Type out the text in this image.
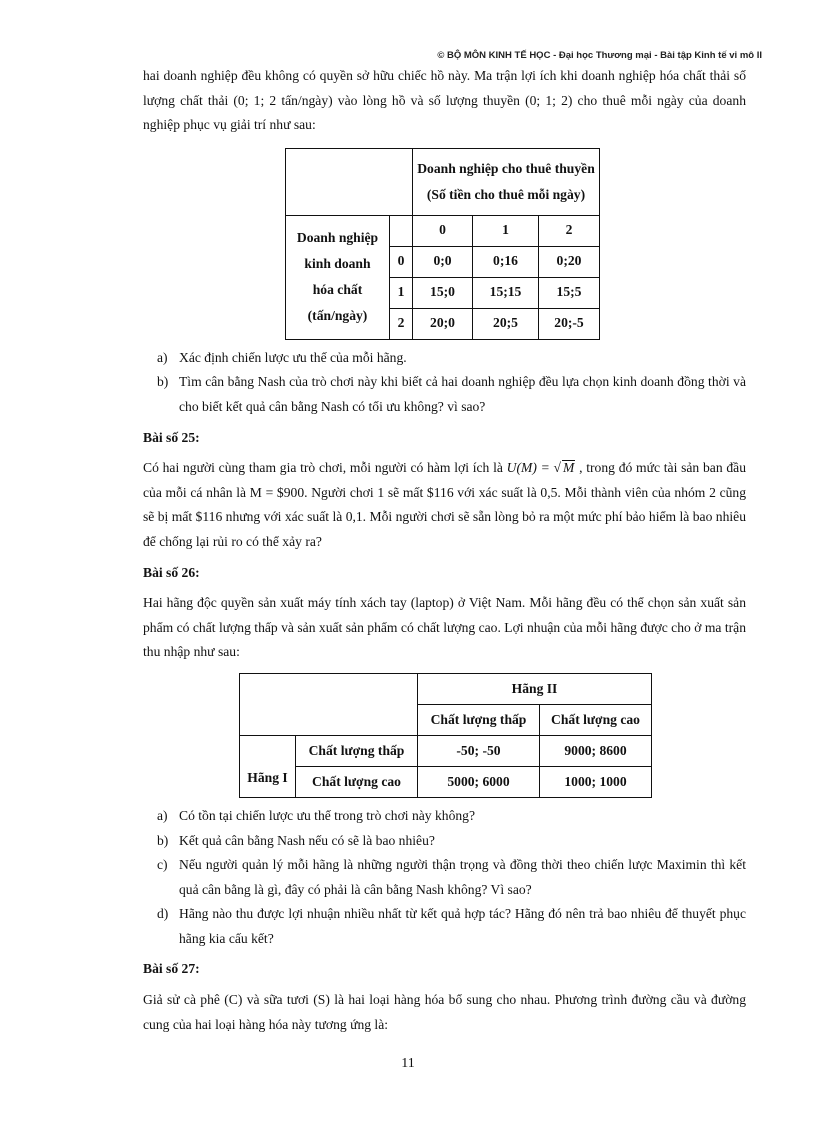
© BỘ MÔN KINH TẾ HỌC - Đại học Thương mại - Bài tập Kinh tế vi mô II

hai doanh nghiệp đều không có quyền sở hữu chiếc hồ này. Ma trận lợi ích khi doanh nghiệp hóa chất thải số lượng chất thải (0; 1; 2 tấn/ngày) vào lòng hồ và số lượng thuyền (0; 1; 2) cho thuê mỗi ngày của doanh nghiệp phục vụ giải trí như sau:

		Doanh nghiệp cho thuê thuyền
(Số tiền cho thuê mỗi ngày)		
Doanh nghiệp
kinh doanh
hóa chất
(tấn/ngày)		0	1	2
	0	0;0	0;16	0;20
	1	15;0	15;15	15;5
	2	20;0	20;5	20;-5
a) Xác định chiến lược ưu thế của mỗi hãng.
b) Tìm cân bằng Nash của trò chơi này khi biết cả hai doanh nghiệp đều lựa chọn kinh doanh đồng thời và cho biết kết quả cân bằng Nash có tối ưu không? vì sao?

Bài số 25:

Có hai người cùng tham gia trò chơi, mỗi người có hàm lợi ích là U(M) = √ M , trong đó mức tài sản ban đầu của mỗi cá nhân là M = $900. Người chơi 1 sẽ mất $116 với xác suất là 0,5. Mỗi thành viên của nhóm 2 cũng sẽ bị mất $116 nhưng với xác suất là 0,1. Mỗi người chơi sẽ sẵn lòng bỏ ra một mức phí bảo hiểm là bao nhiêu để chống lại rủi ro có thể xảy ra?

Bài số 26:

Hai hãng độc quyền sản xuất máy tính xách tay (laptop) ở Việt Nam. Mỗi hãng đều có thể chọn sản xuất sản phẩm có chất lượng thấp và sản xuất sản phẩm có chất lượng cao. Lợi nhuận của mỗi hãng được cho ở ma trận thu nhập như sau:

		Hãng II	
		Chất lượng thấp	Chất lượng cao
Hãng I	Chất lượng thấp	-50; -50	9000; 8600
	Chất lượng cao	5000; 6000	1000; 1000
a) Có tồn tại chiến lược ưu thế trong trò chơi này không?
b) Kết quả cân bằng Nash nếu có sẽ là bao nhiêu?
c) Nếu người quản lý mỗi hãng là những người thận trọng và đồng thời theo chiến lược Maximin thì kết quả cân bằng là gì, đây có phải là cân bằng Nash không? Vì sao?
d) Hãng nào thu được lợi nhuận nhiều nhất từ kết quả hợp tác? Hãng đó nên trả bao nhiêu để thuyết phục hãng kia cấu kết?

Bài số 27:

Giả sử cà phê (C) và sữa tươi (S) là hai loại hàng hóa bổ sung cho nhau. Phương trình đường cầu và đường cung của hai loại hàng hóa này tương ứng là:

11
